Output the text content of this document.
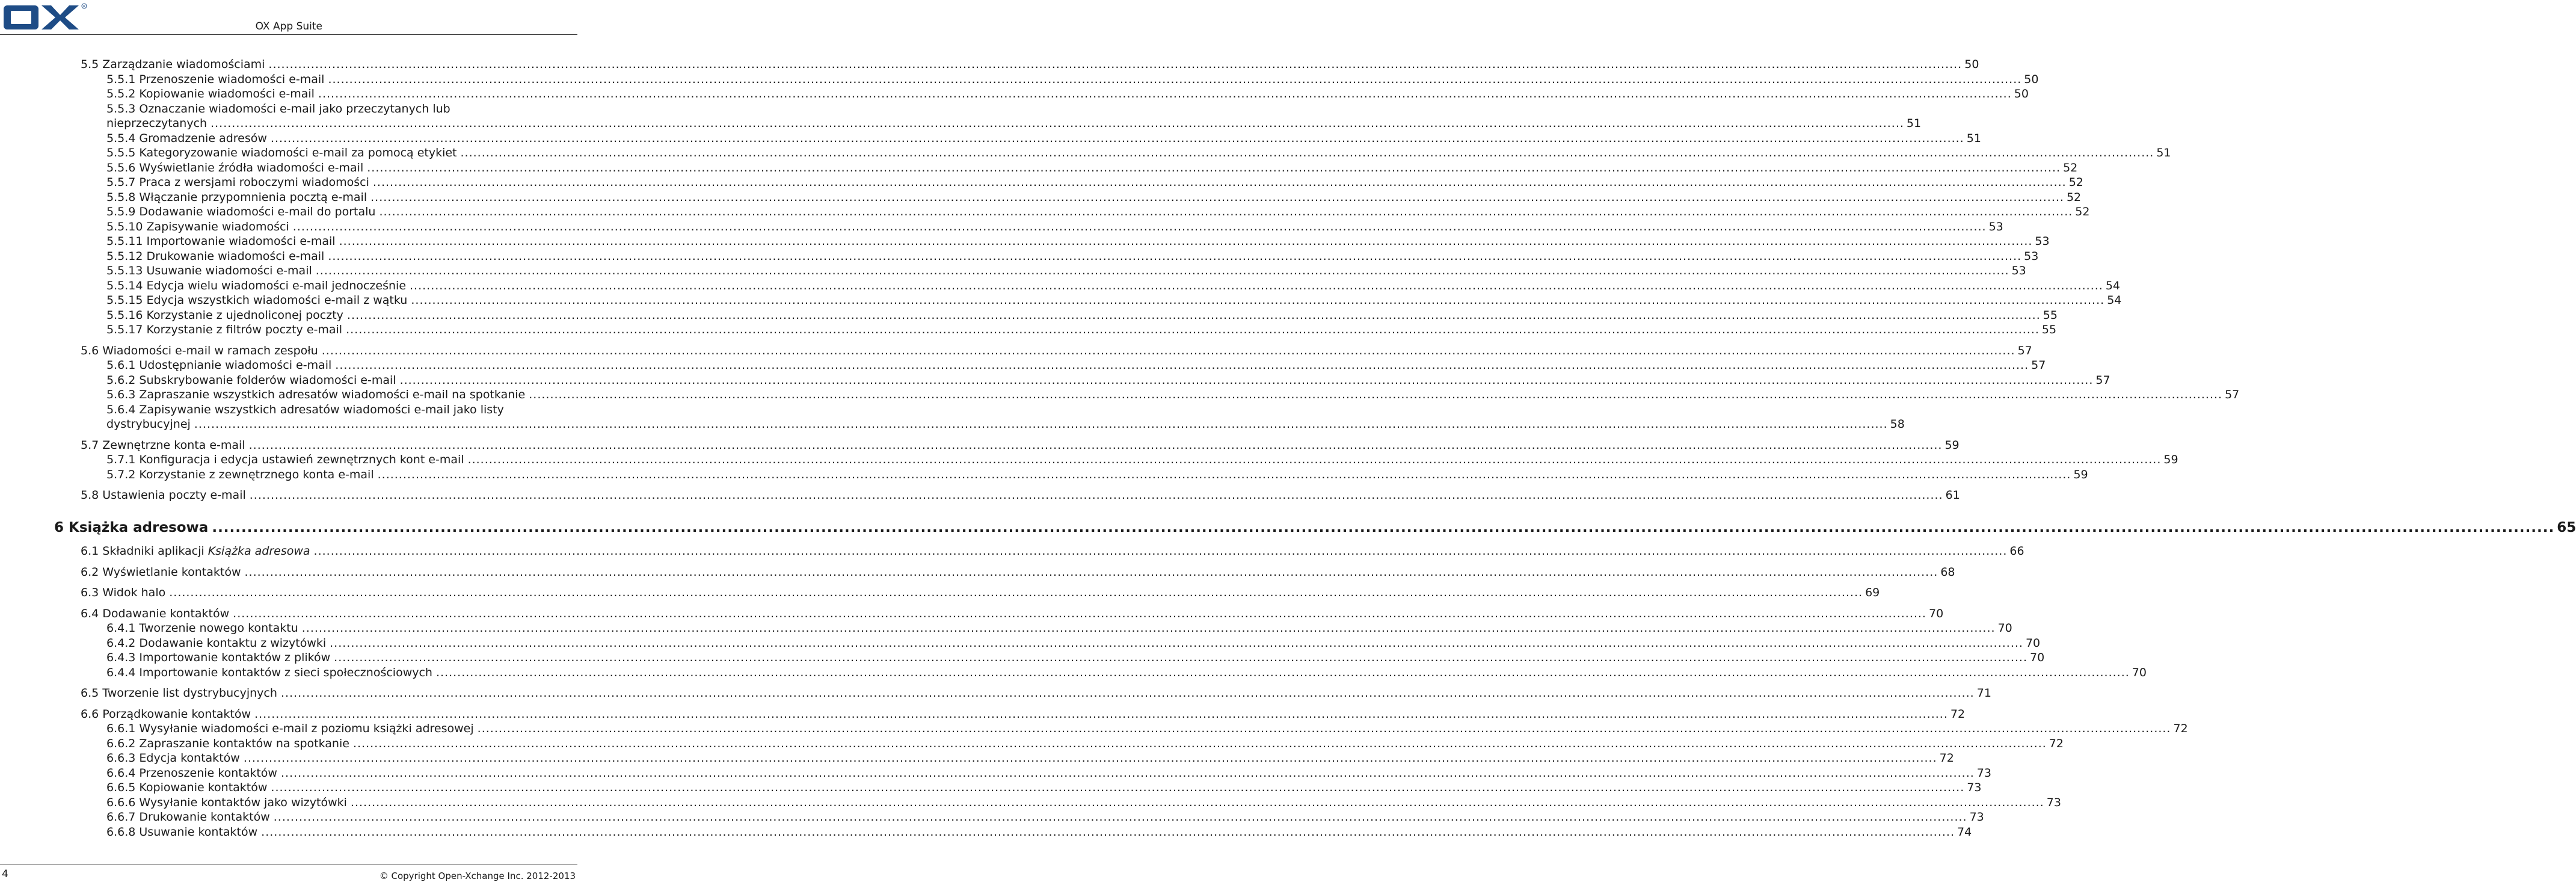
R
OX App Suite
5.5 Zarządzanie wiadomościami ................................................................................................................................................................................................................................................................................................................................................................................................................ 50
5.5.1 Przenoszenie wiadomości e-mail ................................................................................................................................................................................................................................................................................................................................................................................................................ 50
5.5.2 Kopiowanie wiadomości e-mail ................................................................................................................................................................................................................................................................................................................................................................................................................ 50
5.5.3 Oznaczanie wiadomości e-mail jako przeczytanych lub
nieprzeczytanych ................................................................................................................................................................................................................................................................................................................................................................................................................ 51
5.5.4 Gromadzenie adresów ................................................................................................................................................................................................................................................................................................................................................................................................................ 51
5.5.5 Kategoryzowanie wiadomości e-mail za pomocą etykiet ................................................................................................................................................................................................................................................................................................................................................................................................................ 51
5.5.6 Wyświetlanie źródła wiadomości e-mail ................................................................................................................................................................................................................................................................................................................................................................................................................ 52
5.5.7 Praca z wersjami roboczymi wiadomości ................................................................................................................................................................................................................................................................................................................................................................................................................ 52
5.5.8 Włączanie przypomnienia pocztą e-mail ................................................................................................................................................................................................................................................................................................................................................................................................................ 52
5.5.9 Dodawanie wiadomości e-mail do portalu ................................................................................................................................................................................................................................................................................................................................................................................................................ 52
5.5.10 Zapisywanie wiadomości ................................................................................................................................................................................................................................................................................................................................................................................................................ 53
5.5.11 Importowanie wiadomości e-mail ................................................................................................................................................................................................................................................................................................................................................................................................................ 53
5.5.12 Drukowanie wiadomości e-mail ................................................................................................................................................................................................................................................................................................................................................................................................................ 53
5.5.13 Usuwanie wiadomości e-mail ................................................................................................................................................................................................................................................................................................................................................................................................................ 53
5.5.14 Edycja wielu wiadomości e-mail jednocześnie ................................................................................................................................................................................................................................................................................................................................................................................................................ 54
5.5.15 Edycja wszystkich wiadomości e-mail z wątku ................................................................................................................................................................................................................................................................................................................................................................................................................ 54
5.5.16 Korzystanie z ujednoliconej poczty ................................................................................................................................................................................................................................................................................................................................................................................................................ 55
5.5.17 Korzystanie z filtrów poczty e-mail ................................................................................................................................................................................................................................................................................................................................................................................................................ 55
5.6 Wiadomości e-mail w ramach zespołu ................................................................................................................................................................................................................................................................................................................................................................................................................ 57
5.6.1 Udostępnianie wiadomości e-mail ................................................................................................................................................................................................................................................................................................................................................................................................................ 57
5.6.2 Subskrybowanie folderów wiadomości e-mail ................................................................................................................................................................................................................................................................................................................................................................................................................ 57
5.6.3 Zapraszanie wszystkich adresatów wiadomości e-mail na spotkanie ................................................................................................................................................................................................................................................................................................................................................................................................................ 57
5.6.4 Zapisywanie wszystkich adresatów wiadomości e-mail jako listy
dystrybucyjnej ................................................................................................................................................................................................................................................................................................................................................................................................................ 58
5.7 Zewnętrzne konta e-mail ................................................................................................................................................................................................................................................................................................................................................................................................................ 59
5.7.1 Konfiguracja i edycja ustawień zewnętrznych kont e-mail ................................................................................................................................................................................................................................................................................................................................................................................................................ 59
5.7.2 Korzystanie z zewnętrznego konta e-mail ................................................................................................................................................................................................................................................................................................................................................................................................................ 59
5.8 Ustawienia poczty e-mail ................................................................................................................................................................................................................................................................................................................................................................................................................ 61
6 Książka adresowa ................................................................................................................................................................................................................................................................................................................................................................................................................ 65
6.1 Składniki aplikacji Książka adresowa ................................................................................................................................................................................................................................................................................................................................................................................................................ 66
6.2 Wyświetlanie kontaktów ................................................................................................................................................................................................................................................................................................................................................................................................................ 68
6.3 Widok halo ................................................................................................................................................................................................................................................................................................................................................................................................................ 69
6.4 Dodawanie kontaktów ................................................................................................................................................................................................................................................................................................................................................................................................................ 70
6.4.1 Tworzenie nowego kontaktu ................................................................................................................................................................................................................................................................................................................................................................................................................ 70
6.4.2 Dodawanie kontaktu z wizytówki ................................................................................................................................................................................................................................................................................................................................................................................................................ 70
6.4.3 Importowanie kontaktów z plików ................................................................................................................................................................................................................................................................................................................................................................................................................ 70
6.4.4 Importowanie kontaktów z sieci społecznościowych ................................................................................................................................................................................................................................................................................................................................................................................................................ 70
6.5 Tworzenie list dystrybucyjnych ................................................................................................................................................................................................................................................................................................................................................................................................................ 71
6.6 Porządkowanie kontaktów ................................................................................................................................................................................................................................................................................................................................................................................................................ 72
6.6.1 Wysyłanie wiadomości e-mail z poziomu książki adresowej ................................................................................................................................................................................................................................................................................................................................................................................................................ 72
6.6.2 Zapraszanie kontaktów na spotkanie ................................................................................................................................................................................................................................................................................................................................................................................................................ 72
6.6.3 Edycja kontaktów ................................................................................................................................................................................................................................................................................................................................................................................................................ 72
6.6.4 Przenoszenie kontaktów ................................................................................................................................................................................................................................................................................................................................................................................................................ 73
6.6.5 Kopiowanie kontaktów ................................................................................................................................................................................................................................................................................................................................................................................................................ 73
6.6.6 Wysyłanie kontaktów jako wizytówki ................................................................................................................................................................................................................................................................................................................................................................................................................ 73
6.6.7 Drukowanie kontaktów ................................................................................................................................................................................................................................................................................................................................................................................................................ 73
6.6.8 Usuwanie kontaktów ................................................................................................................................................................................................................................................................................................................................................................................................................ 74
4	© Copyright Open-Xchange Inc. 2012-2013
